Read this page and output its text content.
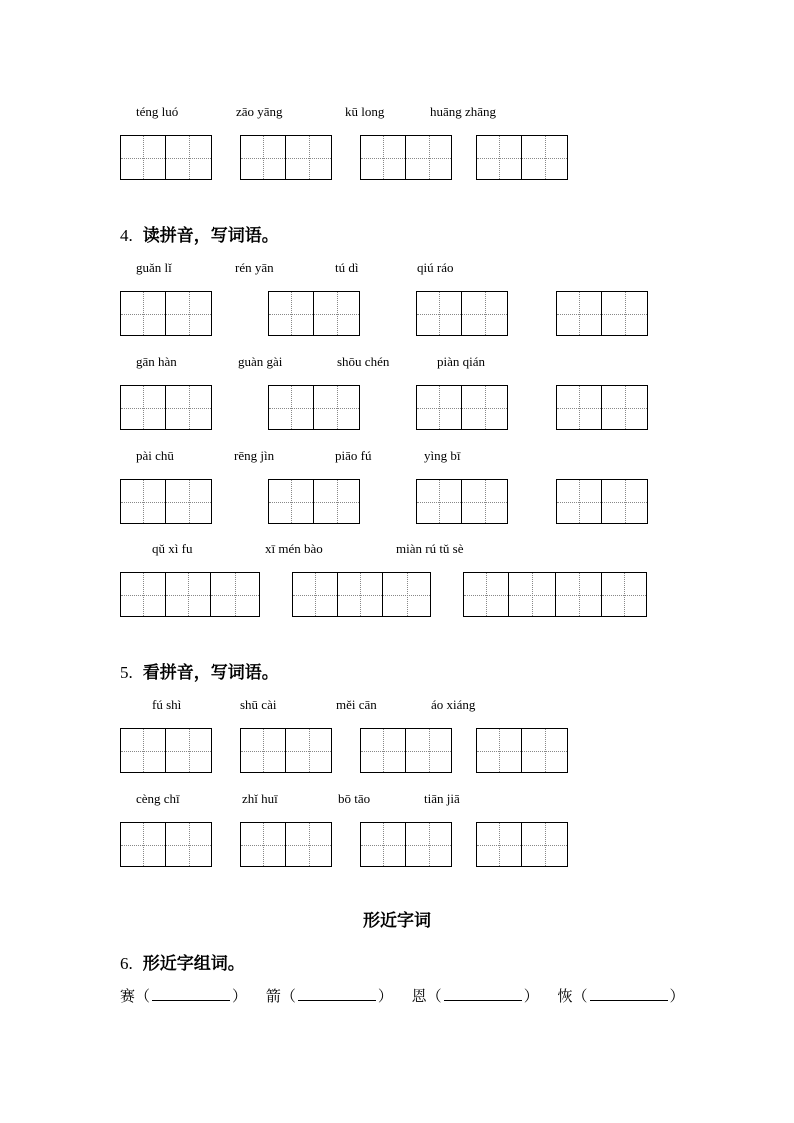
téng luó	zāo yāng	kū long	huāng zhāng
4. 读拼音，写词语。
guǎn lǐ	rén yān	tú dì	qiú ráo
gān hàn	guàn gài	shōu chén	piàn qián
pài chū	rēng jìn	piāo fú	yìng bī
qǔ xì fu	xī mén bào	miàn rú tǔ sè
5. 看拼音，写词语。
fú shì	shū cài	měi cān	áo xiáng
cèng chī	zhǐ huī	bō tāo	tiān jiā
形近字词
6. 形近字组词。
赛（	） 箭（	） 恩（	） 恢（	）
